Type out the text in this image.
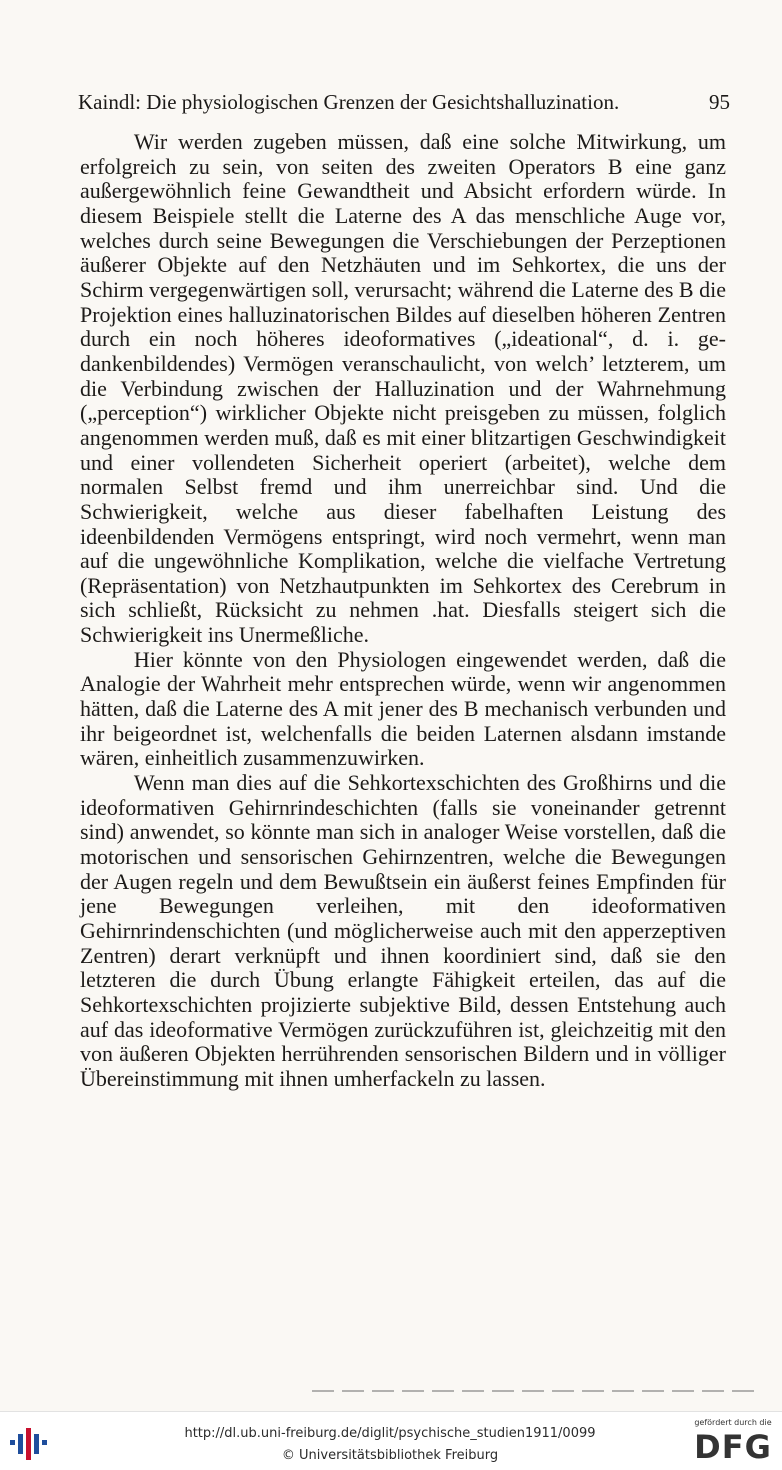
Kaindl: Die physiologischen Grenzen der Gesichtshalluzination.	95

Wir werden zugeben müssen, daß eine solche Mitwirkung, um erfolgreich zu sein, von seiten des zweiten Operators B eine ganz außergewöhnlich feine Gewandtheit und Absicht erfordern würde. In diesem Beispiele stellt die Laterne des A das menschliche Auge vor, welches durch seine Bewegungen die Verschiebungen der Perzeptionen äußerer Objekte auf den Netzhäuten und im Sehkortex, die uns der Schirm vergegenwärtigen soll, verursacht; während die Laterne des B die Projektion eines halluzinatorischen Bildes auf dieselben höheren Zentren durch ein noch höheres ideoformatives („ideational“, d. i. gedankenbildendes) Vermögen veranschaulicht, von welch’ letzterem, um die Verbindung zwischen der Halluzination und der Wahrnehmung („perception“) wirklicher Objekte nicht preisgeben zu müssen, folglich angenommen werden muß, daß es mit einer blitzartigen Geschwindigkeit und einer vollendeten Sicherheit operiert (arbeitet), welche dem normalen Selbst fremd und ihm unerreichbar sind. Und die Schwierigkeit, welche aus dieser fabelhaften Leistung des ideenbildenden Vermögens entspringt, wird noch vermehrt, wenn man auf die ungewöhnliche Komplikation, welche die vielfache Vertretung (Repräsentation) von Netzhautpunkten im Sehkortex des Cerebrum in sich schließt, Rücksicht zu nehmen .hat. Diesfalls steigert sich die Schwierigkeit ins Unermeßliche.

Hier könnte von den Physiologen eingewendet werden, daß die Analogie der Wahrheit mehr entsprechen würde, wenn wir angenommen hätten, daß die Laterne des A mit jener des B mechanisch verbunden und ihr beigeordnet ist, welchenfalls die beiden Laternen alsdann imstande wären, einheitlich zusammenzuwirken.

Wenn man dies auf die Sehkortexschichten des Großhirns und die ideoformativen Gehirnrindeschichten (falls sie voneinander getrennt sind) anwendet, so könnte man sich in analoger Weise vorstellen, daß die motorischen und sensorischen Gehirnzentren, welche die Bewegungen der Augen regeln und dem Bewußtsein ein äußerst feines Empfinden für jene Bewegungen verleihen, mit den ideoformativen Gehirnrindenschichten (und möglicherweise auch mit den apperzeptiven Zentren) derart verknüpft und ihnen koordiniert sind, daß sie den letzteren die durch Übung erlangte Fähigkeit erteilen, das auf die Sehkortexschichten projizierte subjektive Bild, dessen Entstehung auch auf das ideoformative Vermögen zurückzuführen ist, gleichzeitig mit den von äußeren Objekten herrührenden sensorischen Bildern und in völliger Übereinstimmung mit ihnen umherfackeln zu lassen.

http://dl.ub.uni-freiburg.de/diglit/psychische_studien1911/0099
© Universitätsbibliothek Freiburg
gefördert durch die
DFG
